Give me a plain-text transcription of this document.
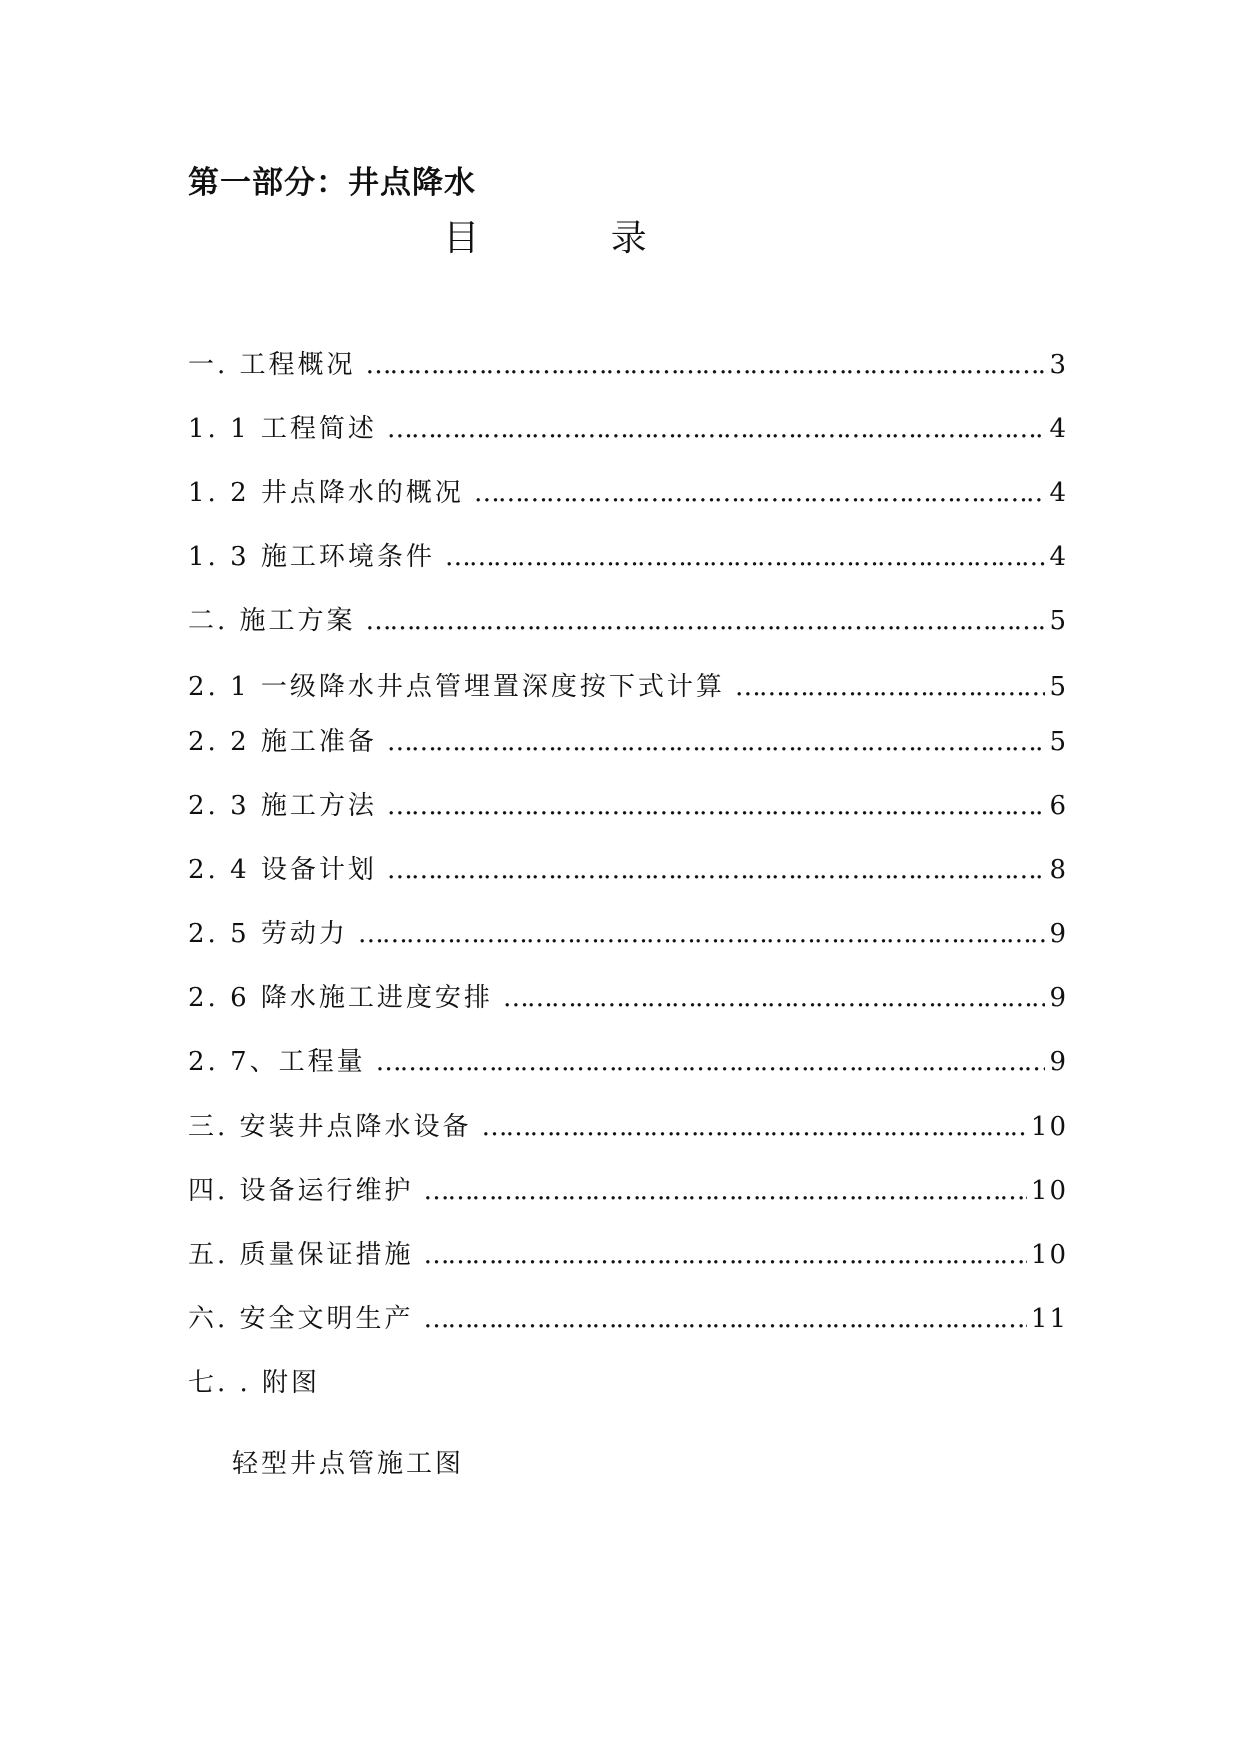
第一部分：井点降水
目 录
一. 工程概况 …………………………………………………………………………………………………………………………………………………………	3
1. 1 工程简述 …………………………………………………………………………………………………………………………………………………………	4
1. 2 井点降水的概况 …………………………………………………………………………………………………………………………………………………………	4
1. 3 施工环境条件 …………………………………………………………………………………………………………………………………………………………	4
二. 施工方案 …………………………………………………………………………………………………………………………………………………………	5
2. 1 一级降水井点管埋置深度按下式计算 …………………………………………………………………………………………………………………………………………………………	5
2. 2 施工准备 …………………………………………………………………………………………………………………………………………………………	5
2. 3 施工方法 …………………………………………………………………………………………………………………………………………………………	6
2. 4 设备计划 …………………………………………………………………………………………………………………………………………………………	8
2. 5 劳动力 …………………………………………………………………………………………………………………………………………………………	9
2. 6 降水施工进度安排 …………………………………………………………………………………………………………………………………………………………	9
2. 7、工程量 …………………………………………………………………………………………………………………………………………………………	9
三. 安装井点降水设备 …………………………………………………………………………………………………………………………………………………………	10
四. 设备运行维护 …………………………………………………………………………………………………………………………………………………………	10
五. 质量保证措施 …………………………………………………………………………………………………………………………………………………………	10
六. 安全文明生产 …………………………………………………………………………………………………………………………………………………………	11
七. . 附图
轻型井点管施工图
